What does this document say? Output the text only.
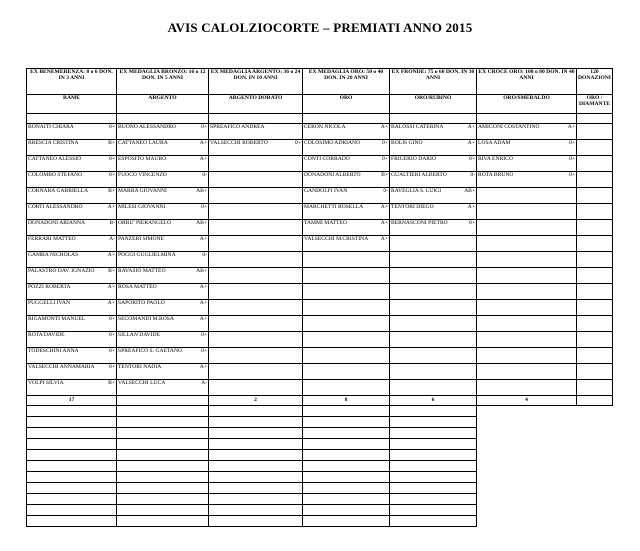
AVIS CALOLZIOCORTE – PREMIATI ANNO 2015
EX BENEMERENZA: 8 o 6 DON. IN 3 ANNI	EX MEDAGLIA BRONZO: 16 o 12 DON. IN 5 ANNI	EX MEDAGLIA ARGENTO: 36 o 24 DON. IN 10 ANNI	EX MEDAGLIA ORO: 50 o 40 DON. IN 20 ANNI	EX FRONDE: 75 o 60 DON. IN 30 ANNI	EX CROCE ORO: 100 o 80 DON. IN 40 ANNI	120 DONAZIONI
RAME	ARGENTO	ARGENTO DORATO	ORO	ORO/RUBINO	ORO/SMERALDO	ORO / DIAMANTE

BONAITI CHIARA 0+	BUONO ALESSANDRO 0+	SPREAFICO ANDREA	CERON NICOLA A+	BALOSSI CATERINA A+	AMIGONI COSTANTINO A+	

BRESCIA CRISTINA B+	CATTANEO LAURA A+	VALSECCHI ROBERTO 0+	COLOSIMO ADRIANO 0+	BOLIS GINO A+	LOSA ADAM 0+	

CATTANEO ALESSIO 0+	ESPOSITO MAURO A+		CONTI CORRADO 0+	FRIGERIO DARIO 0+	RIVA ENRICO 0+	

COLOMBO STEFANO 0+	FUOCO VINCENZO 0-		DONADONI ALBERTO B+	GUALTIERI ALBERTO 0-	ROTA BRUNO 0+	

CORNARA GABRIELLA B+	MARRA GIOVANNI AB+		GANDOLFI IVAN 0-	RAVEGLIA S. LUIGI AB+		

CORTI ALESSANDRO A+	MILESI GIOVANNI 0+		MARCHETTI ROSELLA A+	TENTORI DIEGO A+		

DONADONI ARIANNA B-	ORRU' PIERANGELO AB+		TAMMI MATTEO A+	BERNASCONI PIETRO 0+		

FERRARI MATTEO A-	PANZERI SIMONE A+		VALSECCHI M.CRISTINA A+			

GAMBA NICHOLAS A+	POGGI GUGLIELMINA 0-					

PALASTRO DAV. IGNAZIO B+	RAVASIO MATTEO AB+					

POZZI ROBERTA A+	ROSA MATTEO A+					

PUGGELLI IVAN A+	SAPORITO PAOLO A+					

RIGAMONTI MANUEL 0+	SECOMANDI M.ROSA A+					

ROTA DAVIDE 0+	SILLAN DAVIDE 0+					

TODESCHINI ANNA 0+	SPREAFICO S. GAETANO 0+					

VALSECCHI ANNAMARIA 0+	TENTORI NADIA A+					

VOLPI SILVIA B+	VALSECCHI LUCA A-					

17		2	8	6	4	
